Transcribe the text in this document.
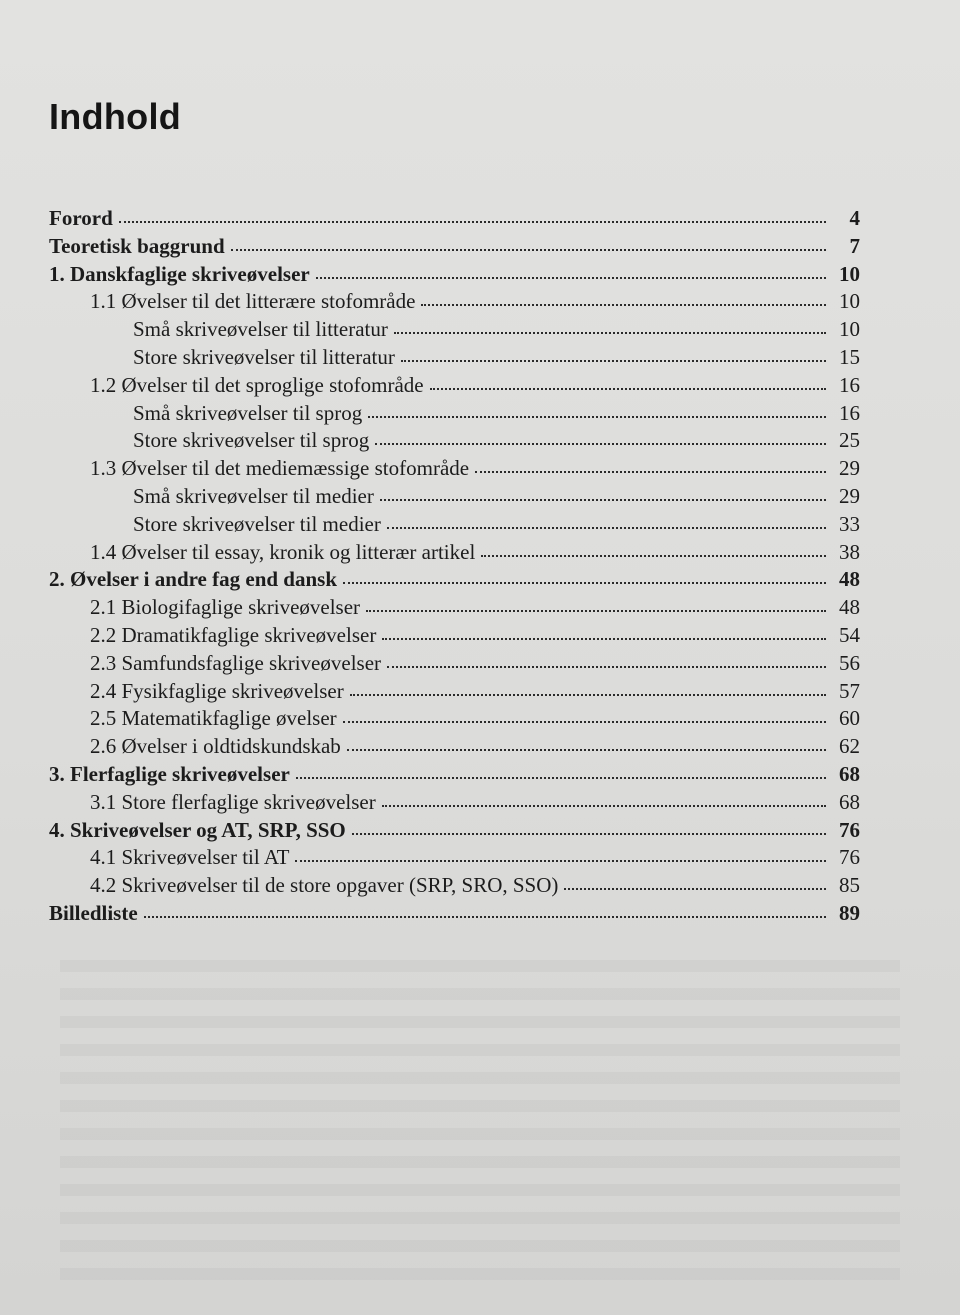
Indhold
Forord	4
Teoretisk baggrund	7
1. Danskfaglige skriveøvelser	10
1.1 Øvelser til det litterære stofområde	10
Små skriveøvelser til litteratur	10
Store skriveøvelser til litteratur	15
1.2 Øvelser til det sproglige stofområde	16
Små skriveøvelser til sprog	16
Store skriveøvelser til sprog	25
1.3 Øvelser til det mediemæssige stofområde	29
Små skriveøvelser til medier	29
Store skriveøvelser til medier	33
1.4 Øvelser til essay, kronik og litterær artikel	38
2. Øvelser i andre fag end dansk	48
2.1 Biologifaglige skriveøvelser	48
2.2 Dramatikfaglige skriveøvelser	54
2.3 Samfundsfaglige skriveøvelser	56
2.4 Fysikfaglige skriveøvelser	57
2.5 Matematikfaglige øvelser	60
2.6 Øvelser i oldtidskundskab	62
3. Flerfaglige skriveøvelser	68
3.1 Store flerfaglige skriveøvelser	68
4. Skriveøvelser og AT, SRP, SSO	76
4.1 Skriveøvelser til AT	76
4.2 Skriveøvelser til de store opgaver (SRP, SRO, SSO)	85
Billedliste	89
